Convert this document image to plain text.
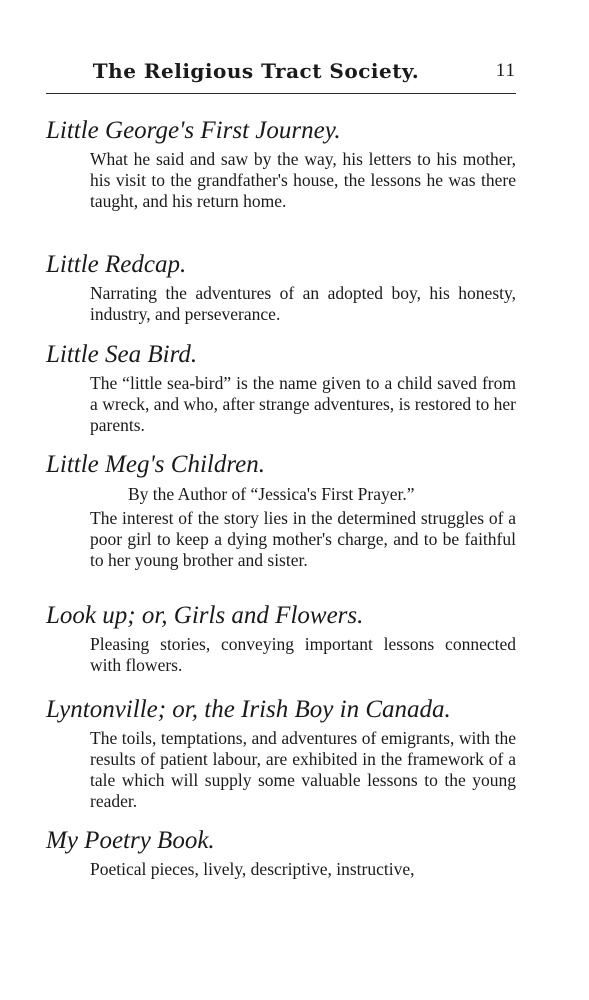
The Religious Tract Society.	11

Little George's First Journey.

What he said and saw by the way, his letters to his mother, his visit to the grandfather's house, the lessons he was there taught, and his return home.

Little Redcap.

Narrating the adventures of an adopted boy, his honesty, industry, and perseverance.

Little Sea Bird.

The “little sea-bird” is the name given to a child saved from a wreck, and who, after strange adventures, is restored to her parents.

Little Meg's Children.

By the Author of “Jessica's First Prayer.”

The interest of the story lies in the determined struggles of a poor girl to keep a dying mother's charge, and to be faithful to her young brother and sister.

Look up; or, Girls and Flowers.

Pleasing stories, conveying important lessons connected with flowers.

Lyntonville; or, the Irish Boy in Canada.

The toils, temptations, and adventures of emigrants, with the results of patient labour, are exhibited in the framework of a tale which will supply some valuable lessons to the young reader.

My Poetry Book.

Poetical pieces, lively, descriptive, instructive,
